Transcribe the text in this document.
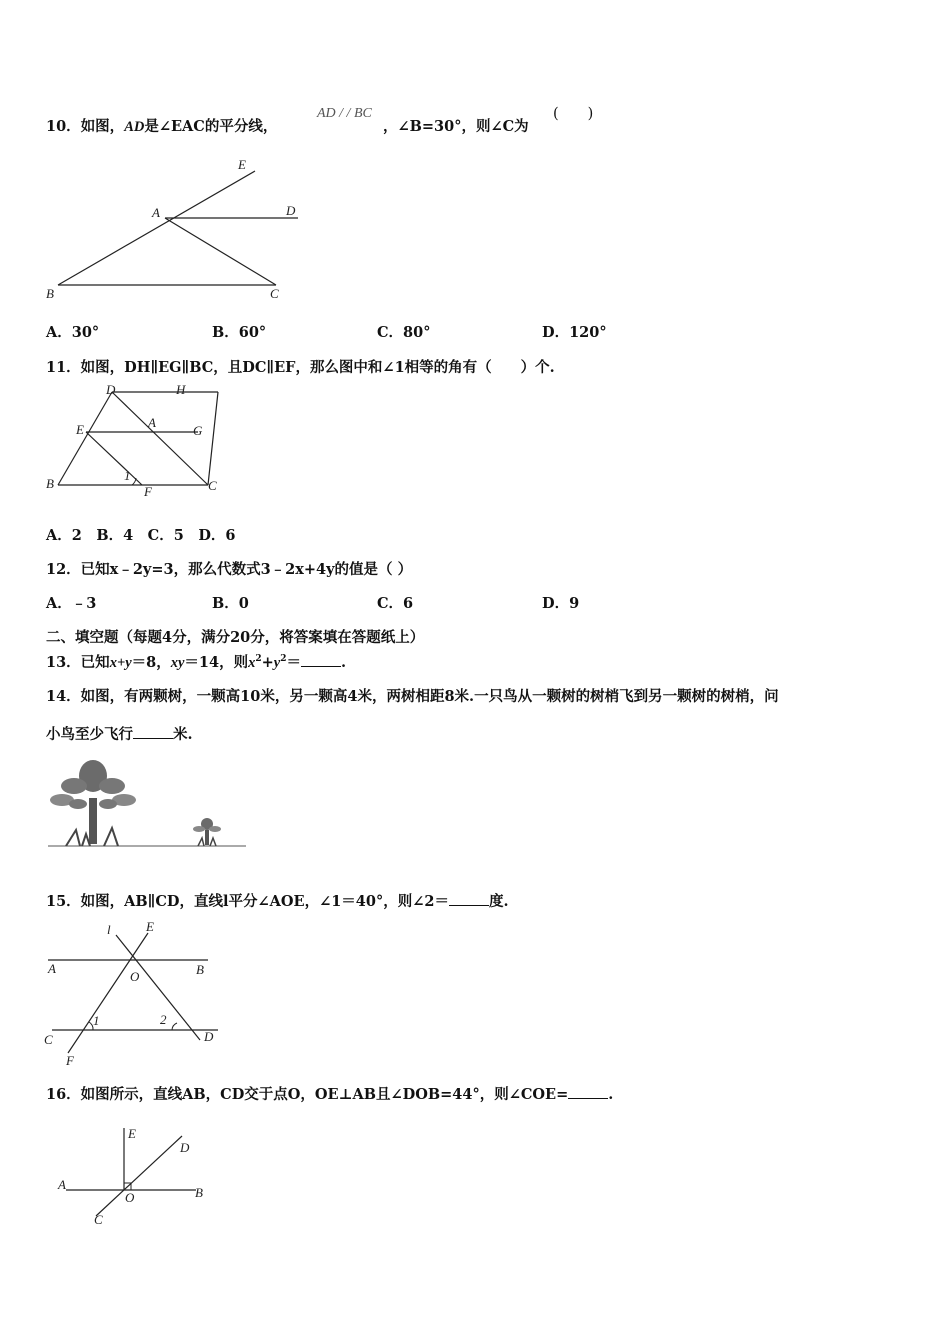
10．如图，AD是∠EAC的平分线，
AD / / BC
，∠B=30°，则∠C为
(　　)
E
A	D
B	C
A．30°	B．60°	C．80°	D．120°
11．如图，DH∥EG∥BC，且DC∥EF，那么图中和∠1相等的角有（　　）个.
D	H
E	A
G
B
1
F	C
A．2　B．4　C．5　D．6
12．已知x﹣2y=3，那么代数式3﹣2x+4y的值是（ ）
A．﹣3	B．0	C．6	D．9
二、填空题（每题4分，满分20分，将答案填在答题纸上）
13．已知x+y＝8，xy＝14，则$x^2+y^2=$	.
14．如图，有两颗树，一颗高10米，另一颗高4米，两树相距8米.一只鸟从一颗树的树梢飞到另一颗树的树梢，问
小鸟至少飞行	米.
15．如图，AB∥CD，直线l平分∠AOE，∠1＝40°，则∠2＝	度.
l	E
A
O	B
C
1	2
D
F
16．如图所示，直线AB，CD交于点O，OE⊥AB且∠DOB=44°，则∠COE=	.
E
D
A
O	B
C
